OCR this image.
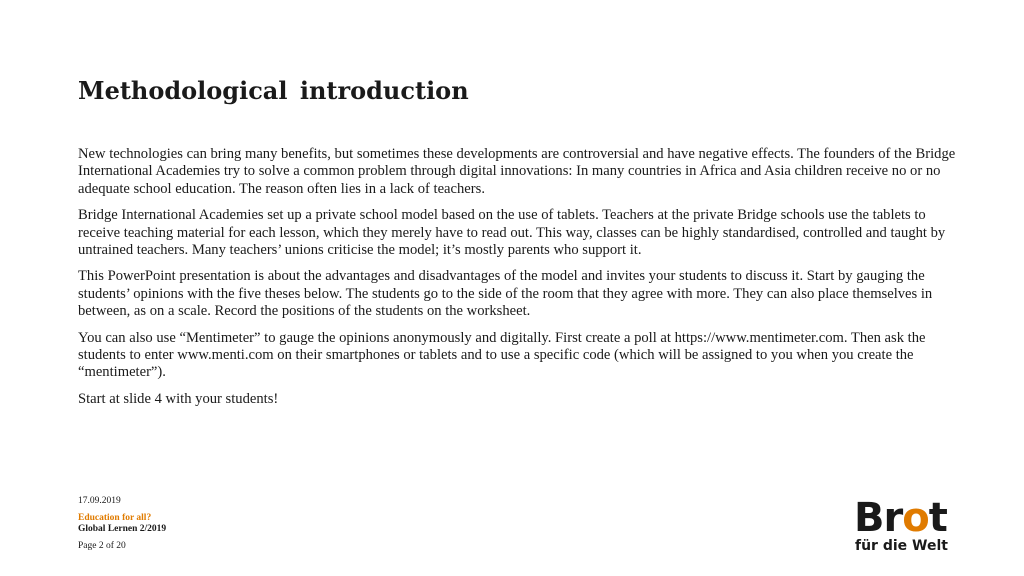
Methodological introduction

New technologies can bring many benefits, but sometimes these developments are controversial and have negative effects. The founders of the Bridge International Academies try to solve a common problem through digital innovations: In many countries in Africa and Asia children receive no or no adequate school education. The reason often lies in a lack of teachers.

Bridge International Academies set up a private school model based on the use of tablets. Teachers at the private Bridge schools use the tablets to receive teaching material for each lesson, which they merely have to read out. This way, classes can be highly standardised, controlled and taught by untrained teachers. Many teachers’ unions criticise the model; it’s mostly parents who support it.

This PowerPoint presentation is about the advantages and disadvantages of the model and invites your students to discuss it. Start by gauging the students’ opinions with the five theses below. The students go to the side of the room that they agree with more. They can also place themselves in between, as on a scale. Record the positions of the students on the worksheet.

You can also use “Mentimeter” to gauge the opinions anonymously and digitally. First create a poll at https://www.mentimeter.com. Then ask the students to enter www.menti.com on their smartphones or tablets and to use a specific code (which will be assigned to you when you create the “mentimeter”).

Start at slide 4 with your students!

17.09.2019
Education for all?
Global Lernen 2/2019
Page 2 of 20
Brot
für die Welt
